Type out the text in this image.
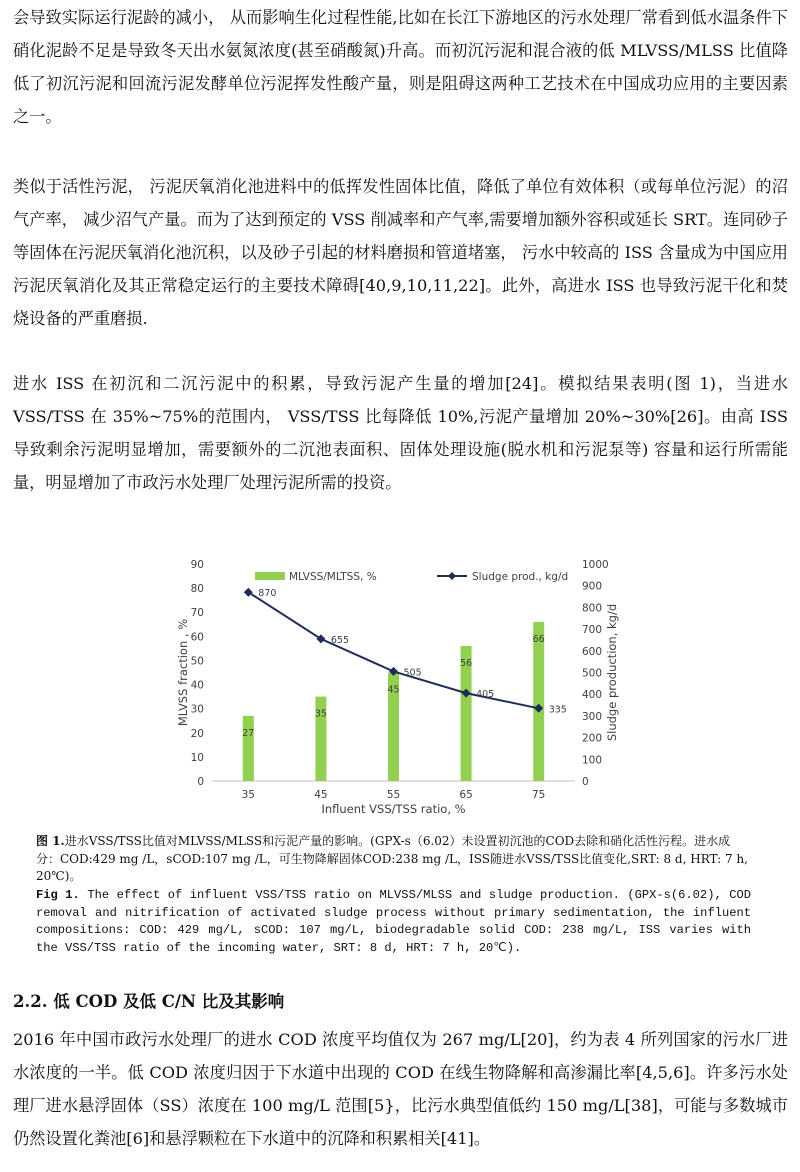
会导致实际运行泥龄的减小， 从而影响生化过程性能,比如在长江下游地区的污水处理厂常看到低水温条件下硝化泥龄不足是导致冬天出水氨氮浓度(甚至硝酸氮)升高。而初沉污泥和混合液的低 MLVSS/MLSS 比值降低了初沉污泥和回流污泥发酵单位污泥挥发性酸产量，则是阻碍这两种工艺技术在中国成功应用的主要因素之一。

类似于活性污泥， 污泥厌氧消化池进料中的低挥发性固体比值，降低了单位有效体积（或每单位污泥）的沼气产率， 减少沼气产量。而为了达到预定的 VSS 削减率和产气率,需要增加额外容积或延长 SRT。连同砂子等固体在污泥厌氧消化池沉积，以及砂子引起的材料磨损和管道堵塞， 污水中较高的 ISS 含量成为中国应用污泥厌氧消化及其正常稳定运行的主要技术障碍[40,9,10,11,22]。此外，高进水 ISS 也导致污泥干化和焚烧设备的严重磨损.

进水 ISS 在初沉和二沉污泥中的积累，导致污泥产生量的增加[24]。模拟结果表明(图 1)，当进水 VSS/TSS 在 35%~75%的范围内， VSS/TSS 比每降低 10%,污泥产量增加 20%~30%[26]。由高 ISS 导致剩余污泥明显增加，需要额外的二沉池表面积、固体处理设施(脱水机和污泥泵等) 容量和运行所需能量，明显增加了市政污水处理厂处理污泥所需的投资。

0
10
20
30
40
50
60
70
80
90
0
100
200
300
400
500
600
700
800
900
1000
35	45	55	65	75
Influent VSS/TSS ratio, %
MLVSS fraction , %	Sludge production, kg/d
27
35
45
56
66
870
655
505
405
335
MLVSS/MLTSS, %	Sludge prod., kg/d
图 1.进水VSS/TSS比值对MLVSS/MLSS和污泥产量的影响。(GPX-s（6.02）未设置初沉池的COD去除和硝化活性污程。进水成分：COD:429 mg /L，sCOD:107 mg /L，可生物降解固体COD:238 mg /L，ISS随进水VSS/TSS比值变化,SRT: 8 d, HRT: 7 h, 20℃)。
Fig 1. The effect of influent VSS/TSS ratio on MLVSS/MLSS and sludge production. (GPX-s(6.02), COD removal and nitrification of activated sludge process without primary sedimentation, the influent compositions: COD: 429 mg/L, sCOD: 107 mg/L, biodegradable solid COD: 238 mg/L, ISS varies with the VSS/TSS ratio of the incoming water, SRT: 8 d, HRT: 7 h, 20℃).
2.2. 低 COD 及低 C/N 比及其影响

2016 年中国市政污水处理厂的进水 COD 浓度平均值仅为 267 mg/L[20]，约为表 4 所列国家的污水厂进水浓度的一半。低 COD 浓度归因于下水道中出现的 COD 在线生物降解和高渗漏比率[4,5,6]。许多污水处理厂进水悬浮固体（SS）浓度在 100 mg/L 范围[5}，比污水典型值低约 150 mg/L[38]，可能与多数城市仍然设置化粪池[6]和悬浮颗粒在下水道中的沉降和积累相关[41]。
